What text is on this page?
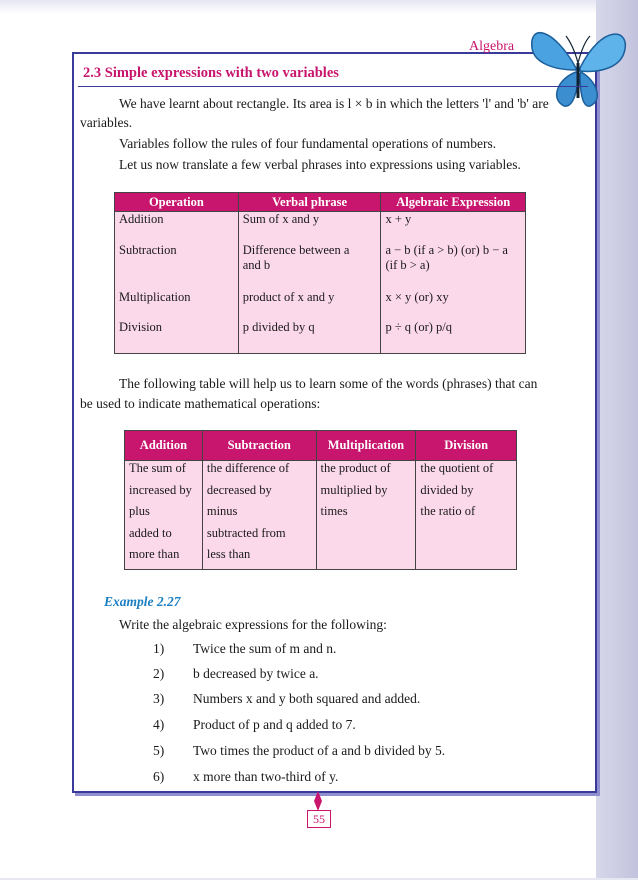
Algebra
2.3 Simple expressions with two variables

We have learnt about rectangle. Its area is l × b in which the letters 'l' and 'b' are

variables.

Variables follow the rules of four fundamental operations of numbers.

Let us now translate a few verbal phrases into expressions using variables.

Operation	Verbal phrase	Algebraic Expression
Addition	Sum of x and y	x + y
Subtraction	Difference between a and b	a − b (if a > b) (or) b − a (if b > a)
Multiplication	product of x and y	x × y (or) xy
Division	p divided by q	p ÷ q (or) p/q

The following table will help us to learn some of the words (phrases) that can

be used to indicate mathematical operations:

Addition	Subtraction	Multiplication	Division
The sum of	the difference of	the product of	the quotient of
increased by	decreased by	multiplied by	divided by
plus	minus	times	the ratio of
added to	subtracted from		
more than	less than		
Example 2.27

Write the algebraic expressions for the following:

1) Twice the sum of m and n.
2) b decreased by twice a.
3) Numbers x and y both squared and added.
4) Product of p and q added to 7.
5) Two times the product of a and b divided by 5.
6) x more than two-third of y.
55
